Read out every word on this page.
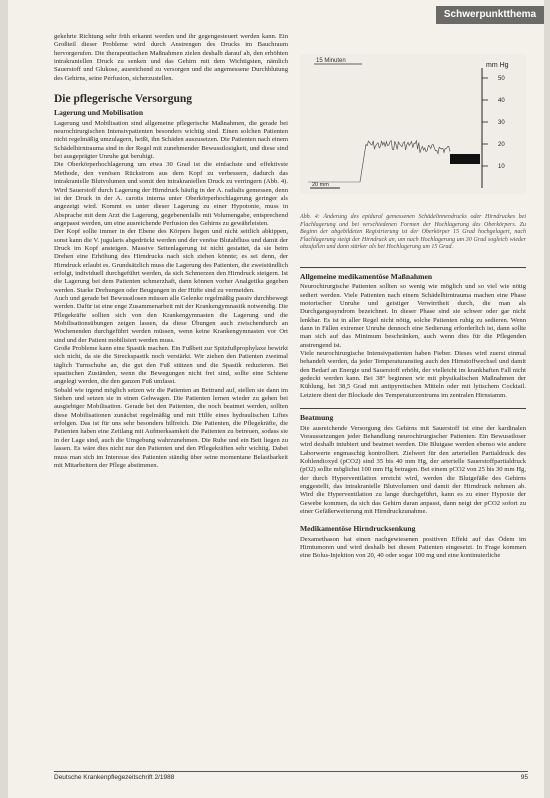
Schwerpunktthema

gekehrte Richtung sehr früh erkannt werden und ihr gegengesteuert werden kann. Ein Großteil dieser Probleme wird durch Anstrengen des Drucks im Bauchraum hervorgerufen. Die therapeutischen Maßnahmen zielen deshalb darauf ab, den erhöhten intrakraniellen Druck zu senken und das Gehirn mit dem Wichtigsten, nämlich Sauerstoff und Glukose, ausreichend zu versorgen und die angemessene Durchblutung des Gehirns, seine Perfusion, sicherzustellen.

Die pflegerische Versorgung
Lagerung und Mobilisation

Lagerung und Mobilisation sind allgemeine pflegerische Maßnahmen, die gerade bei neurochirurgischen Intensivpatienten besonders wichtig sind. Einen solchen Patienten nicht regelmäßig umzulagern, heißt, ihn Schäden auszusetzen. Die Patienten nach einem Schädelhirntrauma sind in der Regel mit zunehmender Bewusstlosigkeit, und diese sind bei ausgeprägter Unruhe gut beruhigt.

Die Oberkörperhochlagerung um etwa 30 Grad ist die einfachste und effektivste Methode, den venösen Rückstrom aus dem Kopf zu verbessern, dadurch das intrakranielle Blutvolumen und somit den intrakraniellen Druck zu verringern (Abb. 4). Wird Sauerstoff durch Lagerung der Hirndruck häufig in der A. radialis gemessen, denn ist der Druck in der A. carotis interna unter Oberkörperhochlagerung geringer als angezeigt wird. Kommt es unter dieser Lagerung zu einer Hypotonie, muss in Absprache mit dem Arzt die Lagerung, gegebenenfalls mit Volumengabe, entsprechend angepasst werden, um eine ausreichende Perfusion des Gehirns zu gewährleisten.

Der Kopf sollte immer in der Ebene des Körpers liegen und nicht seitlich abkippen, sonst kann die V. jugularis abgedrückt werden und der venöse Blutabfluss und damit der Druck im Kopf ansteigen. Massive Seitenlagerung ist nicht gestattet, da sie beim Drehen eine Erhöhung des Hirndrucks nach sich ziehen könnte; es sei denn, der Hirndruck erlaubt es. Grundsätzlich muss die Lagerung des Patienten, die zweistündlich erfolgt, individuell durchgeführt werden, da sich Schmerzen den Hirndruck steigern. Ist die Lagerung bei dem Patienten schmerzhaft, dann können vorher Analgetika gegeben werden. Starke Drehungen oder Beugungen in der Hüfte sind zu vermeiden.

Auch und gerade bei Bewusstlosen müssen alle Gelenke regelmäßig passiv durchbewegt werden. Dafür ist eine enge Zusammenarbeit mit der Krankengymnastik notwendig. Die Pflegekräfte sollten sich von den Krankengymnasten die Lagerung und die Mobilisationsübungen zeigen lassen, da diese Übungen auch zwischendurch an Wochenenden durchgeführt werden müssen, wenn keine Krankengymnasten vor Ort sind und der Patient mobilisiert werden muss.

Große Probleme kann eine Spastik machen. Ein Fußbett zur Spitzfußprophylaxe bewirkt sich nicht, da sie die Streckspastik noch verstärkt. Wir ziehen den Patienten zweimal täglich Turnschuhe an, die gut den Fuß stützen und die Spastik reduzieren. Bei spastischen Zuständen, wenn die Bewegungen nicht frei sind, sollte eine Schiene angelegt werden, die den ganzen Fuß umfasst.

Sobald wie irgend möglich setzen wir die Patienten an Bettrand auf, stellen sie dann im Stehen und setzen sie in einen Gehwagen. Die Patienten lernen wieder zu gehen bei ausgiebiger Mobilisation. Gerade bei den Patienten, die noch beatmet werden, sollten diese Mobilisationen zunächst regelmäßig und mit Hilfe eines hydraulischen Liftes erfolgen. Das ist für uns sehr besonders hilfreich. Die Patienten, die Pflegekräfte, die Patienten haben eine Zeitlang mit Aufmerksamkeit die Patienten zu betreuen, sodass sie in der Lage sind, auch die Umgebung wahrzunehmen. Die Ruhe und ein Bett liegen zu lassen. Es wäre dies nicht nur den Patienten und den Pflegekräften sehr wichtig. Dabei muss man sich im Interesse des Patienten ständig über seine momentane Belastbarkeit mit Mitarbeitern der Pflege abstimmen.

15 Minuten
mm Hg
50
40
30
20
10
20 mm
Abb. 4: Änderung des epidural gemessenen Schädelinnendrucks oder Hirndruckes bei Flachlagerung und bei verschiedenen Formen der Hochlagerung des Oberkörpers. Zu Beginn der abgebildeten Registrierung ist der Oberkörper 15 Grad hochgelagert, nach Flachlagerung steigt der Hirndruck an, um nach Hochlagerung um 30 Grad sogleich wieder abzufallen und dann stärker als bei Hochlagerung um 15 Grad.
Allgemeine medikamentöse Maßnahmen

Neurochirurgische Patienten sollten so wenig wie möglich und so viel wie nötig sediert werden. Viele Patienten nach einem Schädelhirntrauma machen eine Phase motorischer Unruhe und geistiger Verwirrtheit durch, die man als Durchgangssyndrom bezeichnet. In dieser Phase sind sie schwer oder gar nicht lenkbar. Es ist in aller Regel nicht nötig, solche Patienten ruhig zu sedieren. Wenn dann in Fällen extremer Unruhe dennoch eine Sedierung erforderlich ist, dann sollte man sich auf das Minimum beschränken, auch wenn dies für die Pflegenden anstrengend ist.

Viele neurochirurgische Intensivpatienten haben Fieber. Dieses wird zuerst einmal behandelt werden, da jeder Temperaturanstieg auch den Hirnstoffwechsel und damit den Bedarf an Energie und Sauerstoff erhöht, der vielleicht im krankhaften Fall nicht gedeckt werden kann. Bei 38° beginnen wir mit physikalischen Maßnahmen der Kühlung, bei 38,5 Grad mit antipyretischen Mitteln oder mit lytischem Cocktail. Letztere dient der Blockade des Temperaturzentrums im zentralen Hirnstamm.

Beatmung

Die ausreichende Versorgung des Gehirns mit Sauerstoff ist eine der kardinalen Voraussetzungen jeder Behandlung neurochirurgischer Patienten. Ein Bewusstloser wird deshalb intubiert und beatmet werden. Die Blutgase werden ebenso wie andere Laborwerte engmaschig kontrolliert. Zielwert für den arteriellen Partialdruck des Kohlendioxyd (pCO2) sind 35 bis 40 mm Hg, der arterielle Sauerstoffpartialdruck (pO2) sollte möglichst 100 mm Hg betragen. Bei einem pCO2 von 25 bis 30 mm Hg, der durch Hyperventilation erreicht wird, werden die Blutgefäße des Gehirns enggestellt, das intrakranielle Blutvolumen und damit der Hirndruck nehmen ab. Wird die Hyperventilation zu lange durchgeführt, kann es zu einer Hypoxie der Gewebe kommen, da sich das Gehirn daran anpasst, dann neigt der pCO2 sofort zu einer Gefäßerweiterung mit Hirndruckzunahme.

Medikamentöse Hirndrucksenkung

Dexamethason hat einen nachgewiesenen positiven Effekt auf das Ödem im Hirntumoren und wird deshalb bei diesen Patienten eingesetzt. In Frage kommen eine Bolus-Injektion von 20, 40 oder sogar 100 mg und eine kontinuierliche

Deutsche Krankenpflegezeitschrift 2/1988	95
